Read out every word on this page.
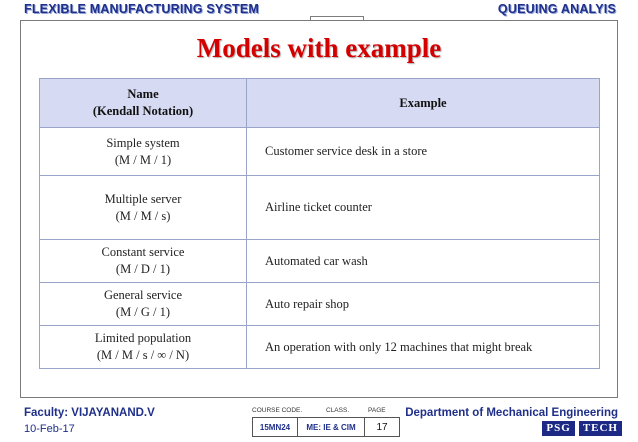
FLEXIBLE MANUFACTURING SYSTEM	QUEUING ANALYIS
Models with example
Name
(Kendall Notation)	Example

Simple system
(M / M / 1)	Customer service desk in a store

Multiple server
(M / M / s)	Airline ticket counter

Constant service
(M / D / 1)	Automated car wash

General service
(M / G / 1)	Auto repair shop

Limited population
(M / M / s / ∞ / N)	An operation with only 12 machines that might break
Faculty: VIJAYANAND.V
10-Feb-17
COURSE CODE.	CLASS.	PAGE
15MN24	ME: IE & CIM	17
Department of Mechanical Engineering
PSG	TECH
